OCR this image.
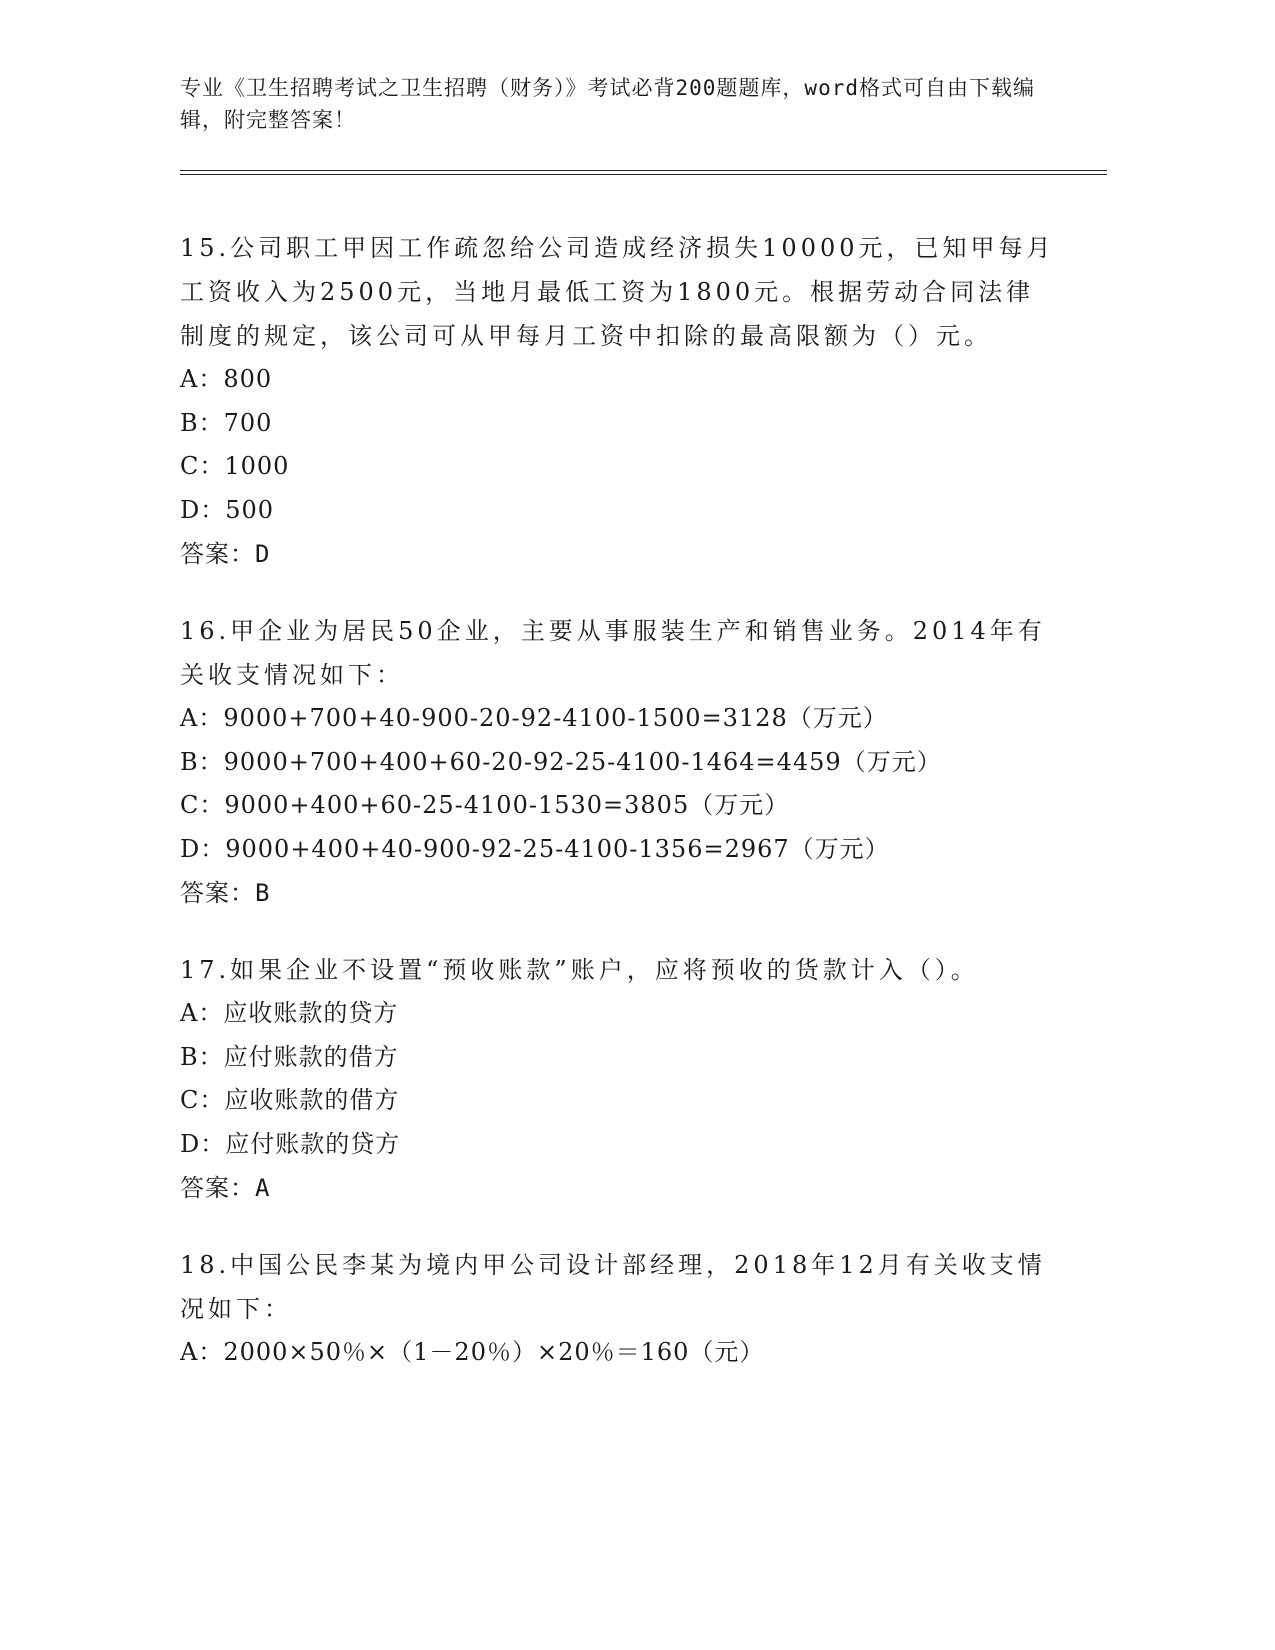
专业《卫生招聘考试之卫生招聘（财务）》考试必背200题题库，word格式可自由下载编辑，附完整答案！

15.公司职工甲因工作疏忽给公司造成经济损失10000元，已知甲每月工资收入为2500元，当地月最低工资为1800元。根据劳动合同法律制度的规定，该公司可从甲每月工资中扣除的最高限额为（）元。

A：800

B：700

C：1000

D：500

答案：D

16.甲企业为居民50企业，主要从事服装生产和销售业务。2014年有关收支情况如下：

A：9000+700+40-900-20-92-4100-1500=3128（万元）

B：9000+700+400+60-20-92-25-4100-1464=4459（万元）

C：9000+400+60-25-4100-1530=3805（万元）

D：9000+400+40-900-92-25-4100-1356=2967（万元）

答案：B

17.如果企业不设置“预收账款”账户，应将预收的货款计入（）。

A：应收账款的贷方

B：应付账款的借方

C：应收账款的借方

D：应付账款的贷方

答案：A

18.中国公民李某为境内甲公司设计部经理，2018年12月有关收支情况如下：

A：2000×50％×（1－20％）×20％＝160（元）
